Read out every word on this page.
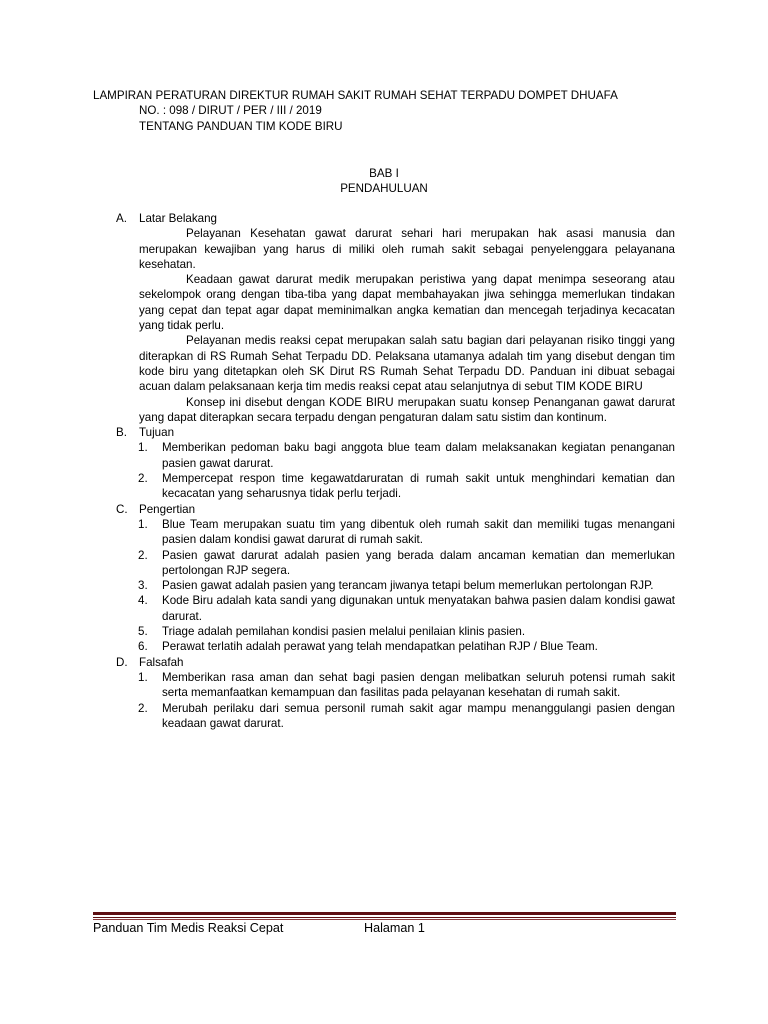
LAMPIRAN PERATURAN DIREKTUR RUMAH SAKIT RUMAH SEHAT TERPADU DOMPET DHUAFA
NO. : 098 / DIRUT / PER / III / 2019
TENTANG PANDUAN TIM KODE BIRU
BAB I
PENDAHULUAN
A.	Latar Belakang
Pelayanan Kesehatan gawat darurat sehari hari merupakan hak asasi manusia dan merupakan kewajiban yang harus di miliki oleh rumah sakit sebagai penyelenggara pelayanana kesehatan.
Keadaan gawat darurat medik merupakan peristiwa yang dapat menimpa seseorang atau sekelompok orang dengan tiba-tiba yang dapat membahayakan jiwa sehingga memerlukan tindakan yang cepat dan tepat agar dapat meminimalkan angka kematian dan mencegah terjadinya kecacatan yang tidak perlu.
Pelayanan medis reaksi cepat merupakan salah satu bagian dari pelayanan risiko tinggi yang diterapkan di RS Rumah Sehat Terpadu DD. Pelaksana utamanya adalah tim yang disebut dengan tim kode biru yang ditetapkan oleh SK Dirut RS Rumah Sehat Terpadu DD. Panduan ini dibuat sebagai acuan dalam pelaksanaan kerja tim medis reaksi cepat atau selanjutnya di sebut TIM KODE BIRU
Konsep ini disebut dengan KODE BIRU merupakan suatu konsep Penanganan gawat darurat yang dapat diterapkan secara terpadu dengan pengaturan dalam satu sistim dan kontinum.
B.	Tujuan
1. Memberikan pedoman baku bagi anggota blue team dalam melaksanakan kegiatan penanganan pasien gawat darurat.
2. Mempercepat respon time kegawatdaruratan di rumah sakit untuk menghindari kematian dan kecacatan yang seharusnya tidak perlu terjadi.
C. Pengertian
1. Blue Team merupakan suatu tim yang dibentuk oleh rumah sakit dan memiliki tugas menangani pasien dalam kondisi gawat darurat di rumah sakit.
2. Pasien gawat darurat adalah pasien yang berada dalam ancaman kematian dan memerlukan pertolongan RJP segera.
3. Pasien gawat adalah pasien yang terancam jiwanya tetapi belum memerlukan pertolongan RJP.
4. Kode Biru adalah kata sandi yang digunakan untuk menyatakan bahwa pasien dalam kondisi gawat darurat.
5. Triage adalah pemilahan kondisi pasien melalui penilaian klinis pasien.
6. Perawat terlatih adalah perawat yang telah mendapatkan pelatihan RJP / Blue Team.
D. Falsafah
1. Memberikan rasa aman dan sehat bagi pasien dengan melibatkan seluruh potensi rumah sakit serta memanfaatkan kemampuan dan fasilitas pada pelayanan kesehatan di rumah sakit.
2. Merubah perilaku dari semua personil rumah sakit agar mampu menanggulangi pasien dengan keadaan gawat darurat.
Panduan Tim Medis Reaksi Cepat	Halaman 1
